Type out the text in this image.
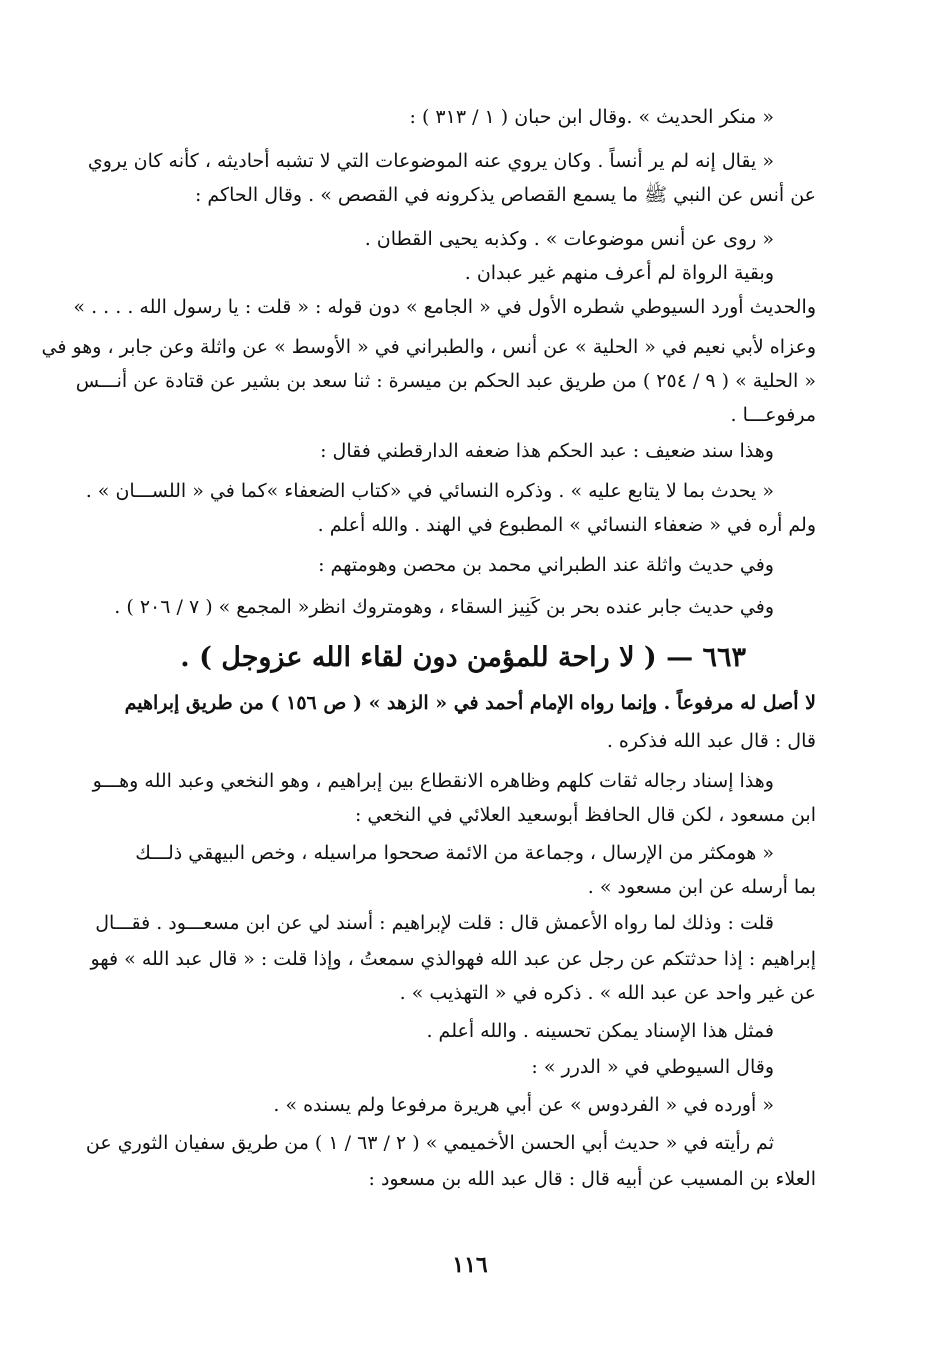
« منكر الحديث » .وقال ابن حبان ( ١ / ٣١٣ ) :
« يقال إنه لم ير أنساً . وكان يروي عنه الموضوعات التي لا تشبه أحاديثه ، كأنه كان يروي
عن أنس عن النبي ﷺ ما يسمع القصاص يذكرونه في القصص » . وقال الحاكم :
« روى عن أنس موضوعات » . وكذبه يحيى القطان .
وبقية الرواة لم أعرف منهم غير عبدان .
والحديث أورد السيوطي شطره الأول في « الجامع » دون قوله : « قلت : يا رسول الله . . . . »
وعزاه لأبي نعيم في « الحلية » عن أنس ، والطبراني في « الأوسط » عن واثلة وعن جابر ، وهو في
« الحلية » ( ٩ / ٢٥٤ ) من طريق عبد الحكم بن ميسرة : ثنا سعد بن بشير عن قتادة عن أنـــس
مرفوعـــا .
وهذا سند ضعيف : عبد الحكم هذا ضعفه الدارقطني فقال :
« يحدث بما لا يتابع عليه » . وذكره النسائي في «كتاب الضعفاء »كما في « اللســـان » .
ولم أره في « ضعفاء النسائي » المطبوع في الهند . والله أعلم .
وفي حديث واثلة عند الطبراني محمد بن محصن وهومتهم :
وفي حديث جابر عنده بحر بن كَنِيز السقاء ، وهومتروك انظر« المجمع » ( ٧ / ٢٠٦ ) .
٦٦٣ — ( لا راحة للمؤمن دون لقاء الله عزوجل ) .
لا أصل له مرفوعاً . وإنما رواه الإمام أحمد في « الزهد » ( ص ١٥٦ ) من طريق إبراهيم
قال : قال عبد الله فذكره .
وهذا إسناد رجاله ثقات كلهم وظاهره الانقطاع بين إبراهيم ، وهو النخعي وعبد الله وهـــو
ابن مسعود ، لكن قال الحافظ أبوسعيد العلائي في النخعي :
« هومكثر من الإرسال ، وجماعة من الائمة صححوا مراسيله ، وخص البيهقي ذلـــك
بما أرسله عن ابن مسعود » .
قلت : وذلك لما رواه الأعمش قال : قلت لإبراهيم : أسند لي عن ابن مسعـــود . فقـــال
إبراهيم : إذا حدثتكم عن رجل عن عبد الله فهوالذي سمعتُ ، وإذا قلت : « قال عبد الله » فهو
عن غير واحد عن عبد الله » . ذكره في « التهذيب » .
فمثل هذا الإسناد يمكن تحسينه . والله أعلم .
وقال السيوطي في « الدرر » :
« أورده في « الفردوس » عن أبي هريرة مرفوعا ولم يسنده » .
ثم رأيته في « حديث أبي الحسن الأخميمي » ( ٢ / ٦٣ / ١ ) من طريق سفيان الثوري عن
العلاء بن المسيب عن أبيه قال : قال عبد الله بن مسعود :
١١٦
